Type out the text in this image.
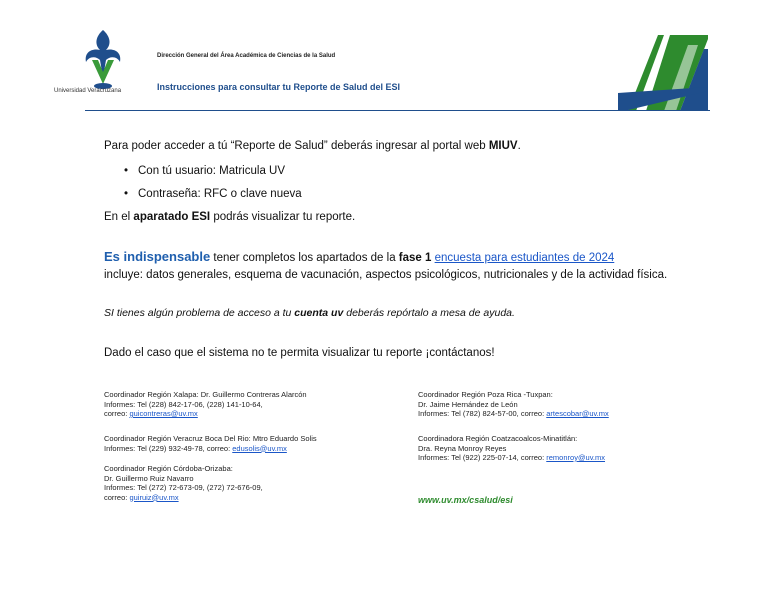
Universidad Veracruzana
Dirección General del Área Académica de Ciencias de la Salud
Instrucciones para consultar tu Reporte de Salud del ESI
Para poder acceder a tú “Reporte de Salud” deberás ingresar al portal web MIUV.
• Con tú usuario: Matricula UV
• Contraseña: RFC o clave nueva
En el aparatado ESI podrás visualizar tu reporte.
Es indispensable tener completos los apartados de la fase 1 encuesta para estudiantes de 2024
incluye: datos generales, esquema de vacunación, aspectos psicológicos, nutricionales y de la actividad física.
SI tienes algún problema de acceso a tu cuenta uv deberás repórtalo a mesa de ayuda.
Dado el caso que el sistema no te permita visualizar tu reporte ¡contáctanos!
Coordinador Región Xalapa: Dr. Guillermo Contreras Alarcón
Informes: Tel (228) 842-17-06, (228) 141-10-64,
correo: guicontreras@uv.mx
Coordinador Región Veracruz Boca Del Rio: Mtro Eduardo Solis
Informes: Tel (229) 932-49-78, correo: edusolis@uv.mx
Coordinador Región Córdoba-Orizaba:
Dr. Guillermo Ruiz Navarro
Informes: Tel (272) 72-673-09, (272) 72-676-09,
correo: guiruiz@uv.mx
Coordinador Región Poza Rica -Tuxpan:
Dr. Jaime Hernández de León
Informes: Tel (782) 824-57-00, correo: artescobar@uv.mx
Coordinadora Región Coatzacoalcos-Minatitlán:
Dra. Reyna Monroy Reyes
Informes: Tel (922) 225-07-14, correo: remonroy@uv.mx
www.uv.mx/csalud/esi
